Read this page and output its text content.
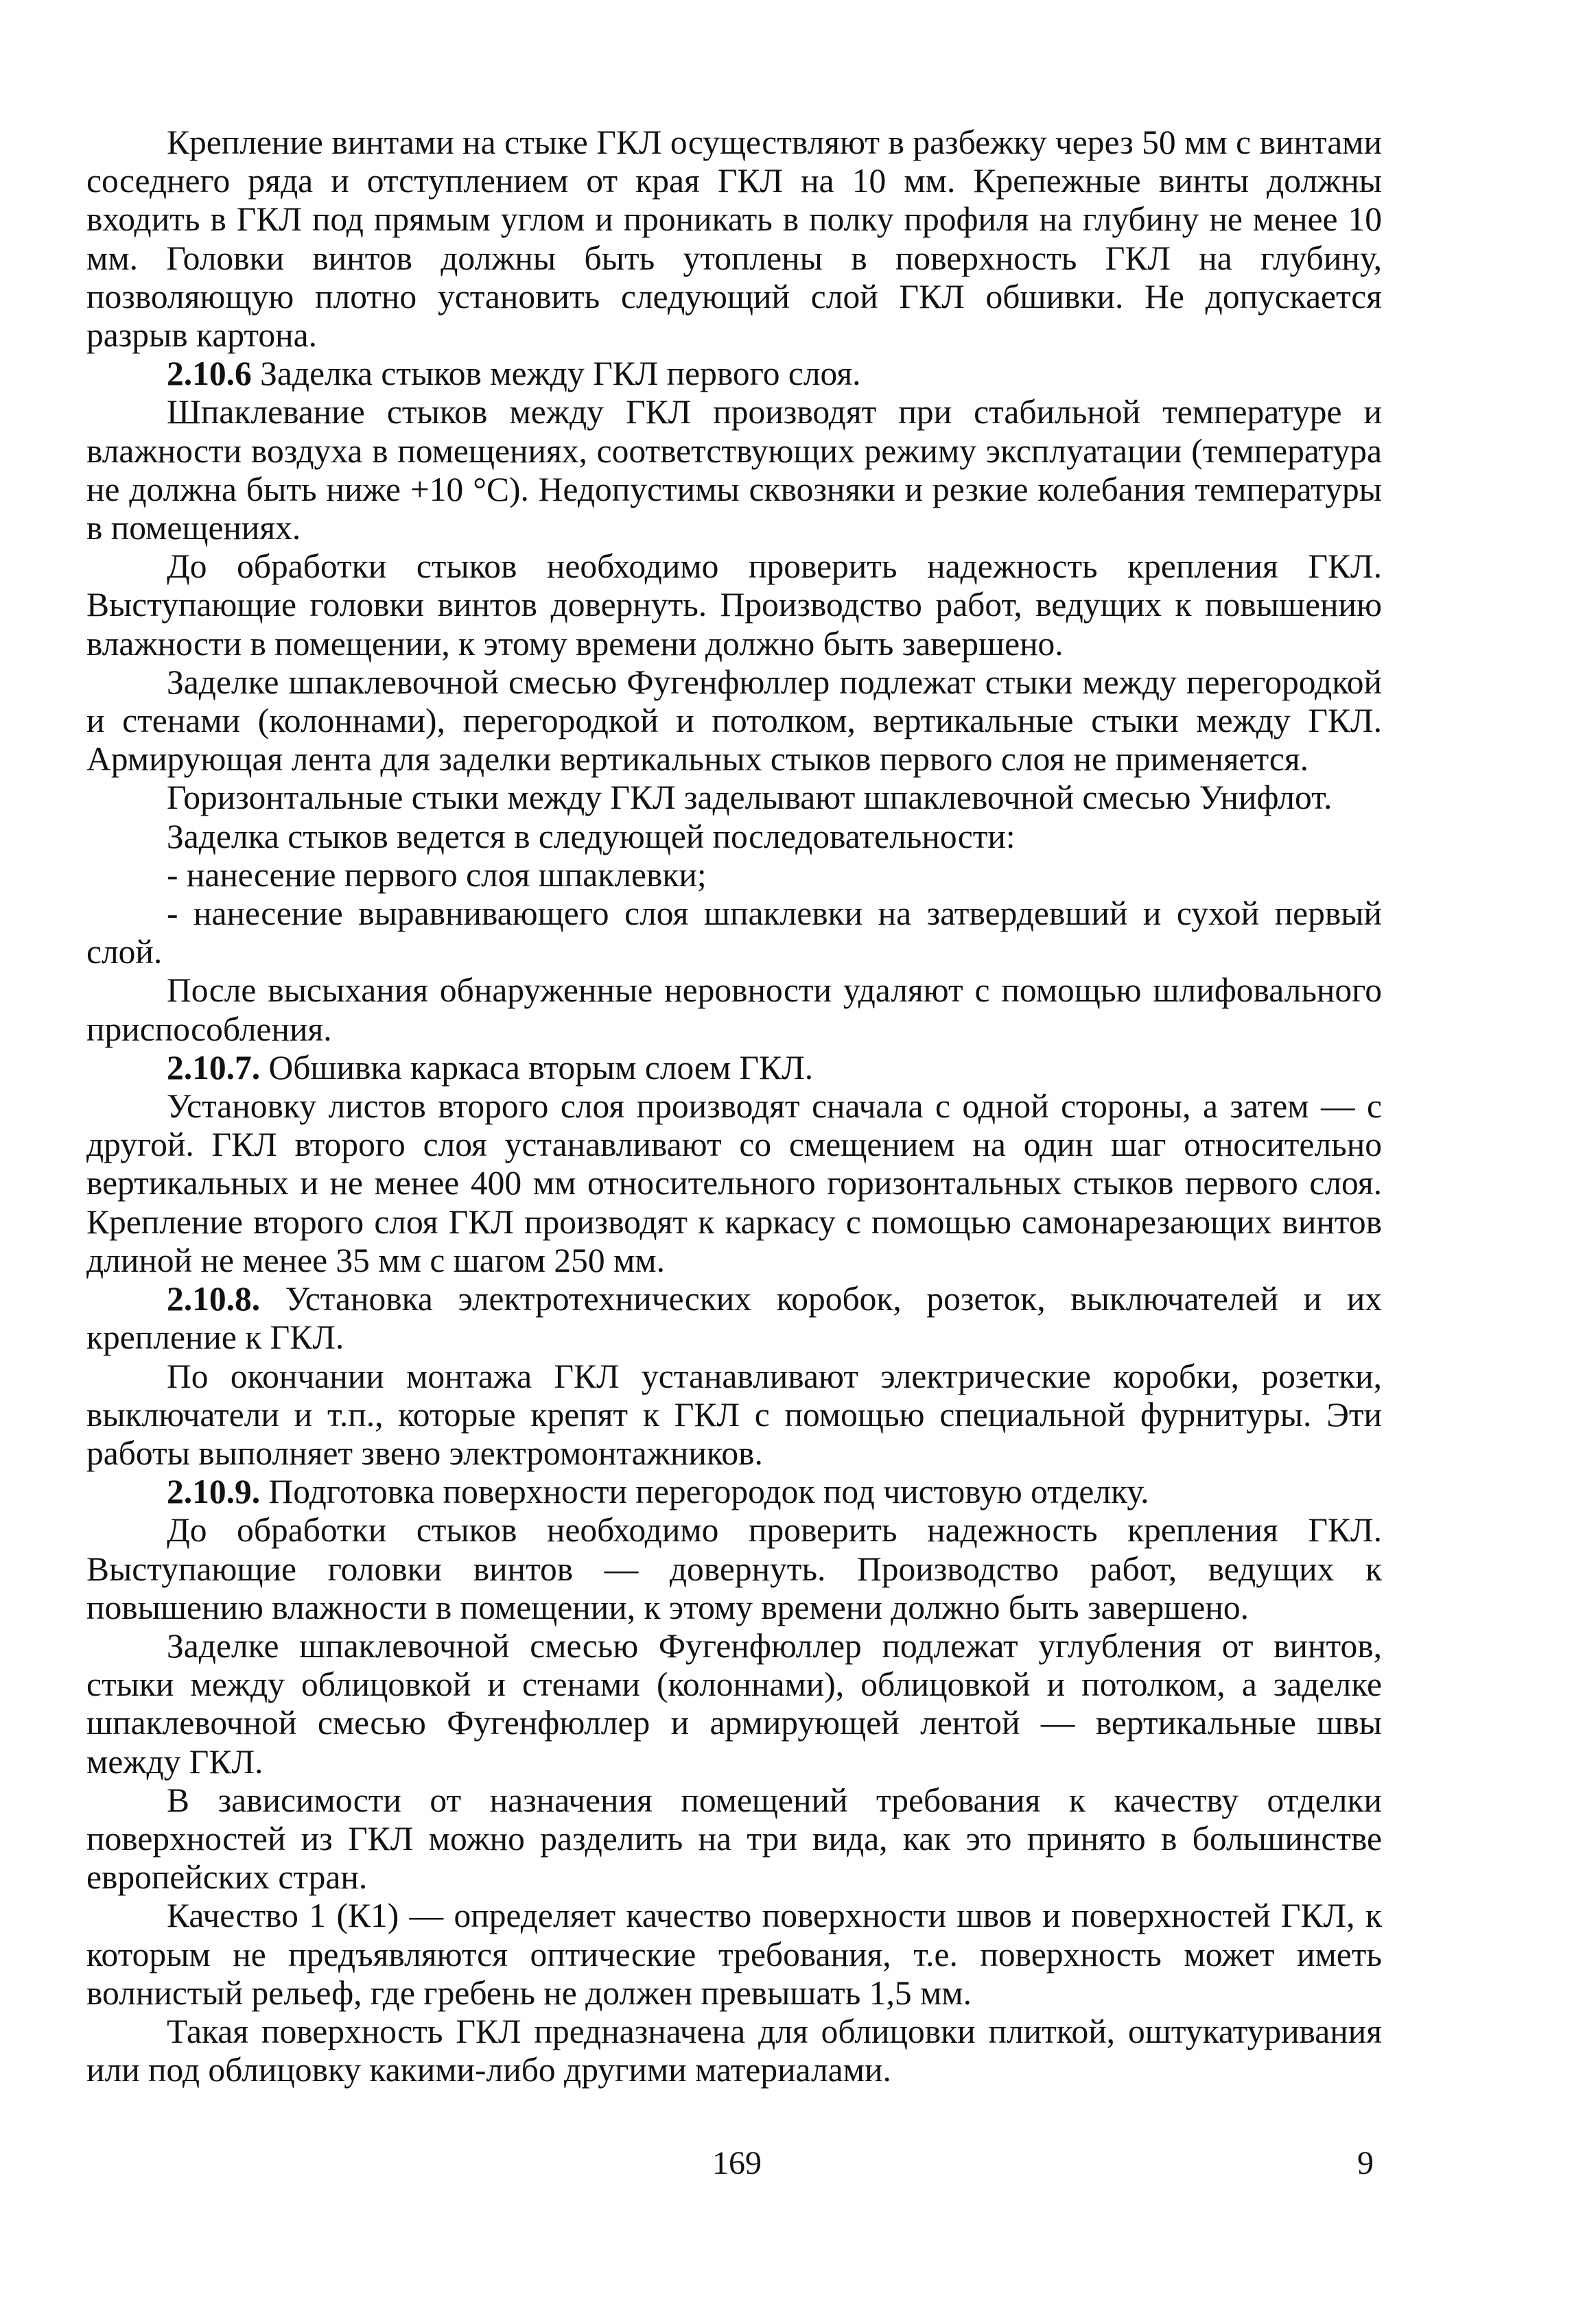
Крепление винтами на стыке ГКЛ осуществляют в разбежку через 50 мм с винтами соседнего ряда и отступлением от края ГКЛ на 10 мм. Крепежные винты должны входить в ГКЛ под прямым углом и проникать в полку профиля на глубину не менее 10 мм. Головки винтов должны быть утоплены в поверхность ГКЛ на глубину, позволяющую плотно установить следующий слой ГКЛ обшивки. Не допускается разрыв картона.

2.10.6 Заделка стыков между ГКЛ первого слоя.

Шпаклевание стыков между ГКЛ производят при стабильной температуре и влажности воздуха в помещениях, соответствующих режиму эксплуатации (температура не должна быть ниже +10 °С). Недопустимы сквозняки и резкие колебания температуры в помещениях.

До обработки стыков необходимо проверить надежность крепления ГКЛ. Выступающие головки винтов довернуть. Производство работ, ведущих к повышению влажности в помещении, к этому времени должно быть завершено.

Заделке шпаклевочной смесью Фугенфюллер подлежат стыки между перегородкой и стенами (колоннами), перегородкой и потолком, вертикальные стыки между ГКЛ. Армирующая лента для заделки вертикальных стыков первого слоя не применяется.

Горизонтальные стыки между ГКЛ заделывают шпаклевочной смесью Унифлот.

Заделка стыков ведется в следующей последовательности:

- нанесение первого слоя шпаклевки;

- нанесение выравнивающего слоя шпаклевки на затвердевший и сухой первый слой.

После высыхания обнаруженные неровности удаляют с помощью шлифовального приспособления.

2.10.7. Обшивка каркаса вторым слоем ГКЛ.

Установку листов второго слоя производят сначала с одной стороны, а затем — с другой. ГКЛ второго слоя устанавливают со смещением на один шаг относительно вертикальных и не менее 400 мм относительного горизонтальных стыков первого слоя. Крепление второго слоя ГКЛ производят к каркасу с помощью самонарезающих винтов длиной не менее 35 мм с шагом 250 мм.

2.10.8. Установка электротехнических коробок, розеток, выключателей и их крепление к ГКЛ.

По окончании монтажа ГКЛ устанавливают электрические коробки, розетки, выключатели и т.п., которые крепят к ГКЛ с помощью специальной фурнитуры. Эти работы выполняет звено электромонтажников.

2.10.9. Подготовка поверхности перегородок под чистовую отделку.

До обработки стыков необходимо проверить надежность крепления ГКЛ. Выступающие головки винтов — довернуть. Производство работ, ведущих к повышению влажности в помещении, к этому времени должно быть завершено.

Заделке шпаклевочной смесью Фугенфюллер подлежат углубления от винтов, стыки между облицовкой и стенами (колоннами), облицовкой и потолком, а заделке шпаклевочной смесью Фугенфюллер и армирующей лентой — вертикальные швы между ГКЛ.

В зависимости от назначения помещений требования к качеству отделки поверхностей из ГКЛ можно разделить на три вида, как это принято в большинстве европейских стран.

Качество 1 (К1) — определяет качество поверхности швов и поверхностей ГКЛ, к которым не предъявляются оптические требования, т.е. поверхность может иметь волнистый рельеф, где гребень не должен превышать 1,5 мм.

Такая поверхность ГКЛ предназначена для облицовки плиткой, оштукатуривания или под облицовку какими-либо другими материалами.

169	9
